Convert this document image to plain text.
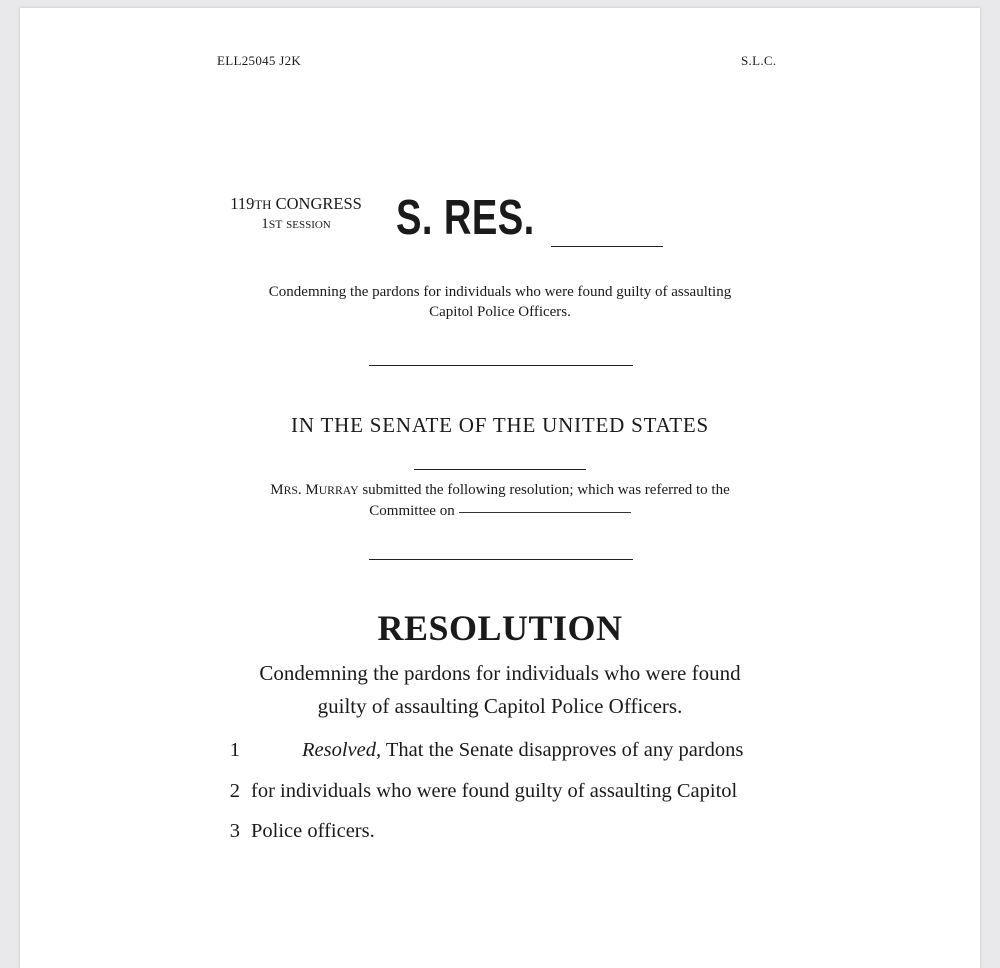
ELL25045 J2K	S.L.C.
119TH CONGRESS
1ST session	S. RES.
Condemning the pardons for individuals who were found guilty of assaulting
Capitol Police Officers.
IN THE SENATE OF THE UNITED STATES
MRS. MURRAY submitted the following resolution; which was referred to the
Committee on
RESOLUTION
Condemning the pardons for individuals who were found
guilty of assaulting Capitol Police Officers.
1	Resolved, That the Senate disapproves of any pardons
2 for individuals who were found guilty of assaulting Capitol
3 Police officers.
